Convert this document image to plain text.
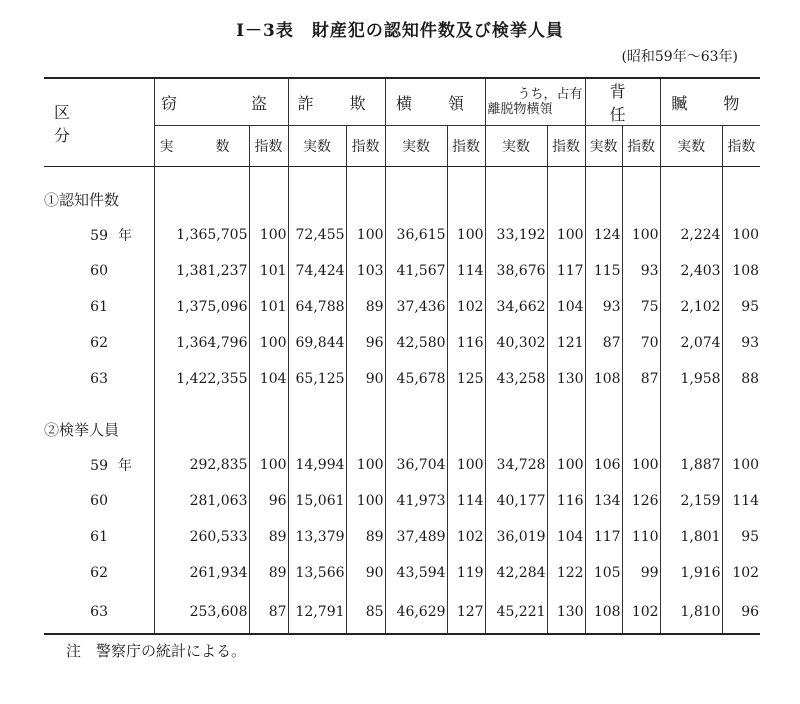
Ⅰ－3表　財産犯の認知件数及び検挙人員
(昭和59年～63年)
区　分	窃　　盗		詐　欺		横　領		うち，占有
離脱物横領		背　任		贓　物	
	実　数	指数	実数	指数	実数	指数	実数	指数	実数	指数	実数	指数

①認知件数												
59 年	1,365,705	100	72,455	100	36,615	100	33,192	100	124	100	2,224	100
60	1,381,237	101	74,424	103	41,567	114	38,676	117	115	93	2,403	108
61	1,375,096	101	64,788	89	37,436	102	34,662	104	93	75	2,102	95
62	1,364,796	100	69,844	96	42,580	116	40,302	121	87	70	2,074	93
63	1,422,355	104	65,125	90	45,678	125	43,258	130	108	87	1,958	88

②検挙人員												
59 年	292,835	100	14,994	100	36,704	100	34,728	100	106	100	1,887	100
60	281,063	96	15,061	100	41,973	114	40,177	116	134	126	2,159	114
61	260,533	89	13,379	89	37,489	102	36,019	104	117	110	1,801	95
62	261,934	89	13,566	90	43,594	119	42,284	122	105	99	1,916	102
63	253,608	87	12,791	85	46,629	127	45,221	130	108	102	1,810	96

注　警察庁の統計による。
